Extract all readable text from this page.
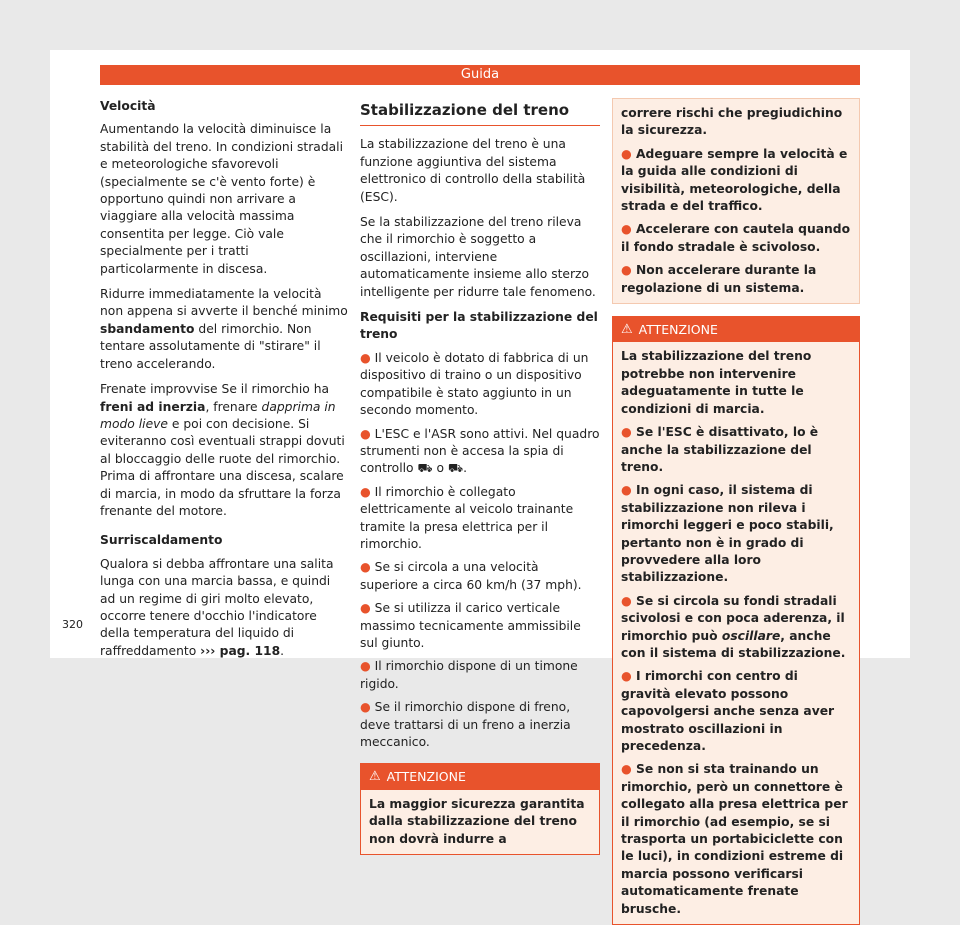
Guida
Velocità

Aumentando la velocità diminuisce la stabilità del treno. In condizioni stradali e meteorologiche sfavorevoli (specialmente se c'è vento forte) è opportuno quindi non arrivare a viaggiare alla velocità massima consentita per legge. Ciò vale specialmente per i tratti particolarmente in discesa.

Ridurre immediatamente la velocità non appena si avverte il benché minimo sbandamento del rimorchio. Non tentare assolutamente di "stirare" il treno accelerando.

Frenate improvvise Se il rimorchio ha freni ad inerzia, frenare dapprima in modo lieve e poi con decisione. Si eviteranno così eventuali strappi dovuti al bloccaggio delle ruote del rimorchio. Prima di affrontare una discesa, scalare di marcia, in modo da sfruttare la forza frenante del motore.

Surriscaldamento

Qualora si debba affrontare una salita lunga con una marcia bassa, e quindi ad un regime di giri molto elevato, occorre tenere d'occhio l'indicatore della temperatura del liquido di raffreddamento ››› pag. 118.

Stabilizzazione del treno

La stabilizzazione del treno è una funzione aggiuntiva del sistema elettronico di controllo della stabilità (ESC).

Se la stabilizzazione del treno rileva che il rimorchio è soggetto a oscillazioni, interviene automaticamente insieme allo sterzo intelligente per ridurre tale fenomeno.

Requisiti per la stabilizzazione del treno
● Il veicolo è dotato di fabbrica di un dispositivo di traino o un dispositivo compatibile è stato aggiunto in un secondo momento.
● L'ESC e l'ASR sono attivi. Nel quadro strumenti non è accesa la spia di controllo ⛟ o ⛟.
● Il rimorchio è collegato elettricamente al veicolo trainante tramite la presa elettrica per il rimorchio.
● Se si circola a una velocità superiore a circa 60 km/h (37 mph).
● Se si utilizza il carico verticale massimo tecnicamente ammissibile sul giunto.
● Il rimorchio dispone di un timone rigido.
● Se il rimorchio dispone di freno, deve trattarsi di un freno a inerzia meccanico.
⚠ ATTENZIONE
La maggior sicurezza garantita dalla stabilizzazione del treno non dovrà indurre a

correre rischi che pregiudichino la sicurezza.

● Adeguare sempre la velocità e la guida alle condizioni di visibilità, meteorologiche, della strada e del traffico.
● Accelerare con cautela quando il fondo stradale è scivoloso.
● Non accelerare durante la regolazione di un sistema.
⚠ ATTENZIONE

La stabilizzazione del treno potrebbe non intervenire adeguatamente in tutte le condizioni di marcia.

● Se l'ESC è disattivato, lo è anche la stabilizzazione del treno.
● In ogni caso, il sistema di stabilizzazione non rileva i rimorchi leggeri e poco stabili, pertanto non è in grado di provvedere alla loro stabilizzazione.
● Se si circola su fondi stradali scivolosi e con poca aderenza, il rimorchio può oscillare, anche con il sistema di stabilizzazione.
● I rimorchi con centro di gravità elevato possono capovolgersi anche senza aver mostrato oscillazioni in precedenza.
● Se non si sta trainando un rimorchio, però un connettore è collegato alla presa elettrica per il rimorchio (ad esempio, se si trasporta un portabiciclette con le luci), in condizioni estreme di marcia possono verificarsi automaticamente frenate brusche.
320
